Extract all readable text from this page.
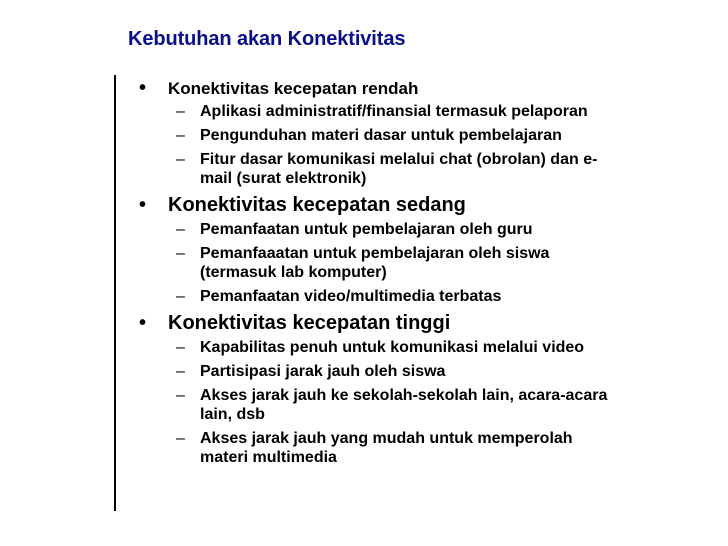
Kebutuhan akan Konektivitas
• Konektivitas kecepatan rendah
– Aplikasi administratif/finansial termasuk pelaporan
– Pengunduhan materi dasar untuk pembelajaran
– Fitur dasar komunikasi melalui chat (obrolan) dan e-
mail (surat elektronik)
• Konektivitas kecepatan sedang
– Pemanfaatan untuk pembelajaran oleh guru
– Pemanfaaatan untuk pembelajaran oleh siswa
(termasuk lab komputer)
– Pemanfaatan video/multimedia terbatas
• Konektivitas kecepatan tinggi
– Kapabilitas penuh untuk komunikasi melalui video
– Partisipasi jarak jauh oleh siswa
– Akses jarak jauh ke sekolah-sekolah lain, acara-acara
lain, dsb
– Akses jarak jauh yang mudah untuk memperolah
materi multimedia
